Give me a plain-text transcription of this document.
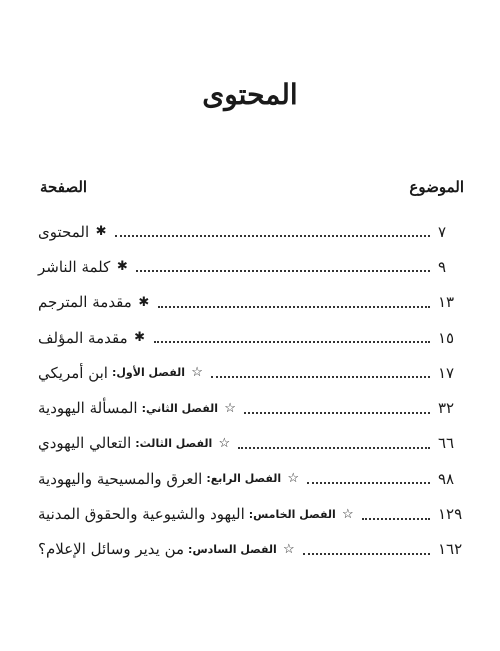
المحتوى
الموضوع
الصفحة
✱
المحتوى	٧
✱
كلمة الناشر	٩
✱
مقدمة المترجم	١٣
✱
مقدمة المؤلف	١٥
☆
الفصل الأول:
ابن أمريكي	١٧
☆
الفصل الثاني:
المسألة اليهودية	٣٢
☆
الفصل الثالث:
التعالي اليهودي	٦٦
☆
الفصل الرابع:
العرق والمسيحية واليهودية	٩٨
☆
الفصل الخامس:
اليهود والشيوعية والحقوق المدنية	١٢٩
☆
الفصل السادس:
من يدير وسائل الإعلام؟	١٦٢
